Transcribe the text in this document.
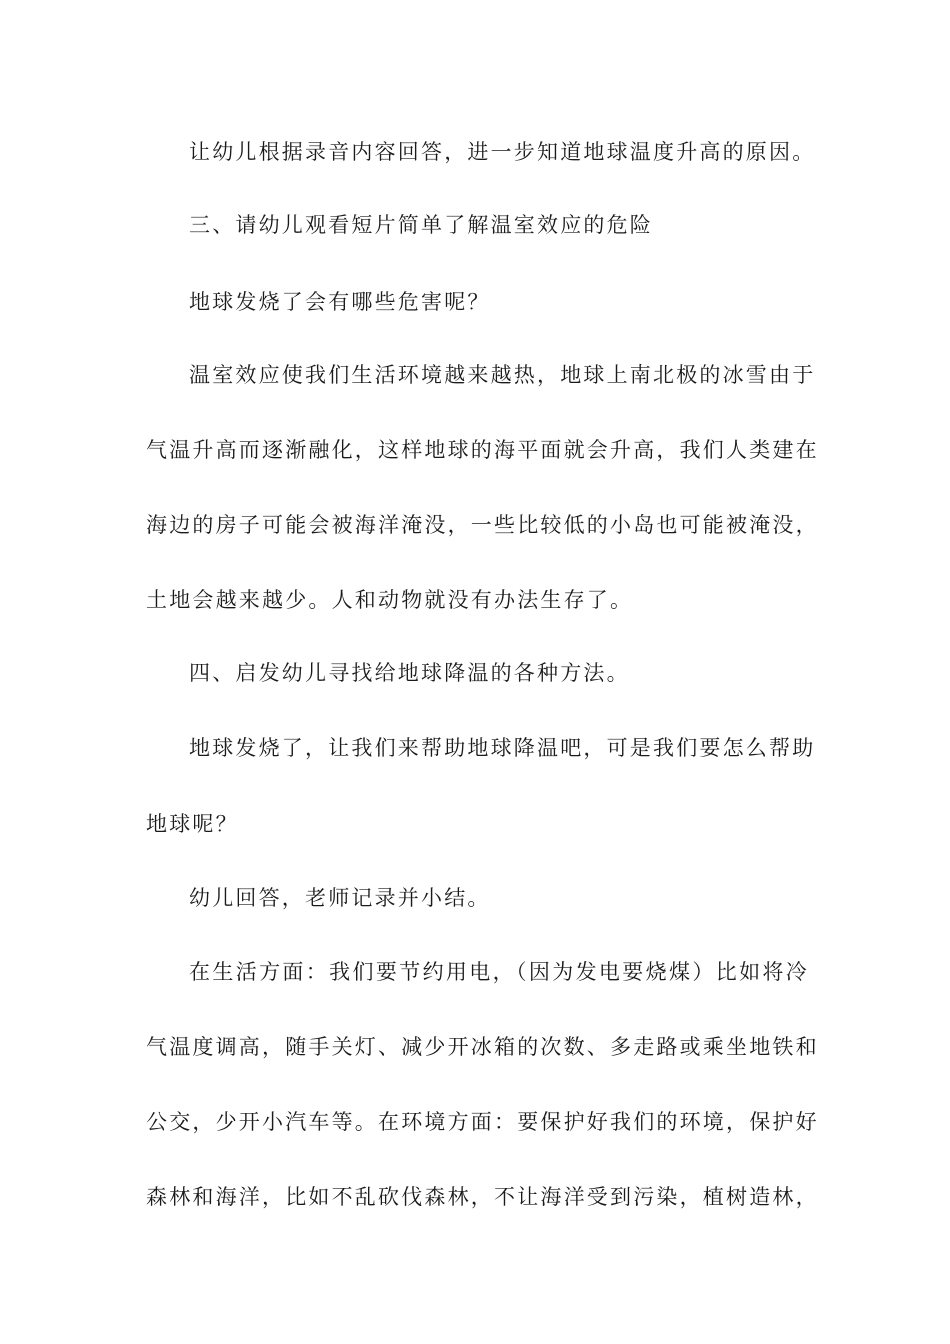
让幼儿根据录音内容回答，进一步知道地球温度升高的原因。
三、请幼儿观看短片简单了解温室效应的危险
地球发烧了会有哪些危害呢？
温室效应使我们生活环境越来越热，地球上南北极的冰雪由于
气温升高而逐渐融化，这样地球的海平面就会升高，我们人类建在
海边的房子可能会被海洋淹没，一些比较低的小岛也可能被淹没，
土地会越来越少。人和动物就没有办法生存了。
四、启发幼儿寻找给地球降温的各种方法。
地球发烧了，让我们来帮助地球降温吧，可是我们要怎么帮助
地球呢？
幼儿回答，老师记录并小结。
在生活方面：我们要节约用电，（因为发电要烧煤）比如将冷
气温度调高，随手关灯、减少开冰箱的次数、多走路或乘坐地铁和
公交，少开小汽车等。在环境方面：要保护好我们的环境，保护好
森林和海洋，比如不乱砍伐森林，不让海洋受到污染，植树造林，
